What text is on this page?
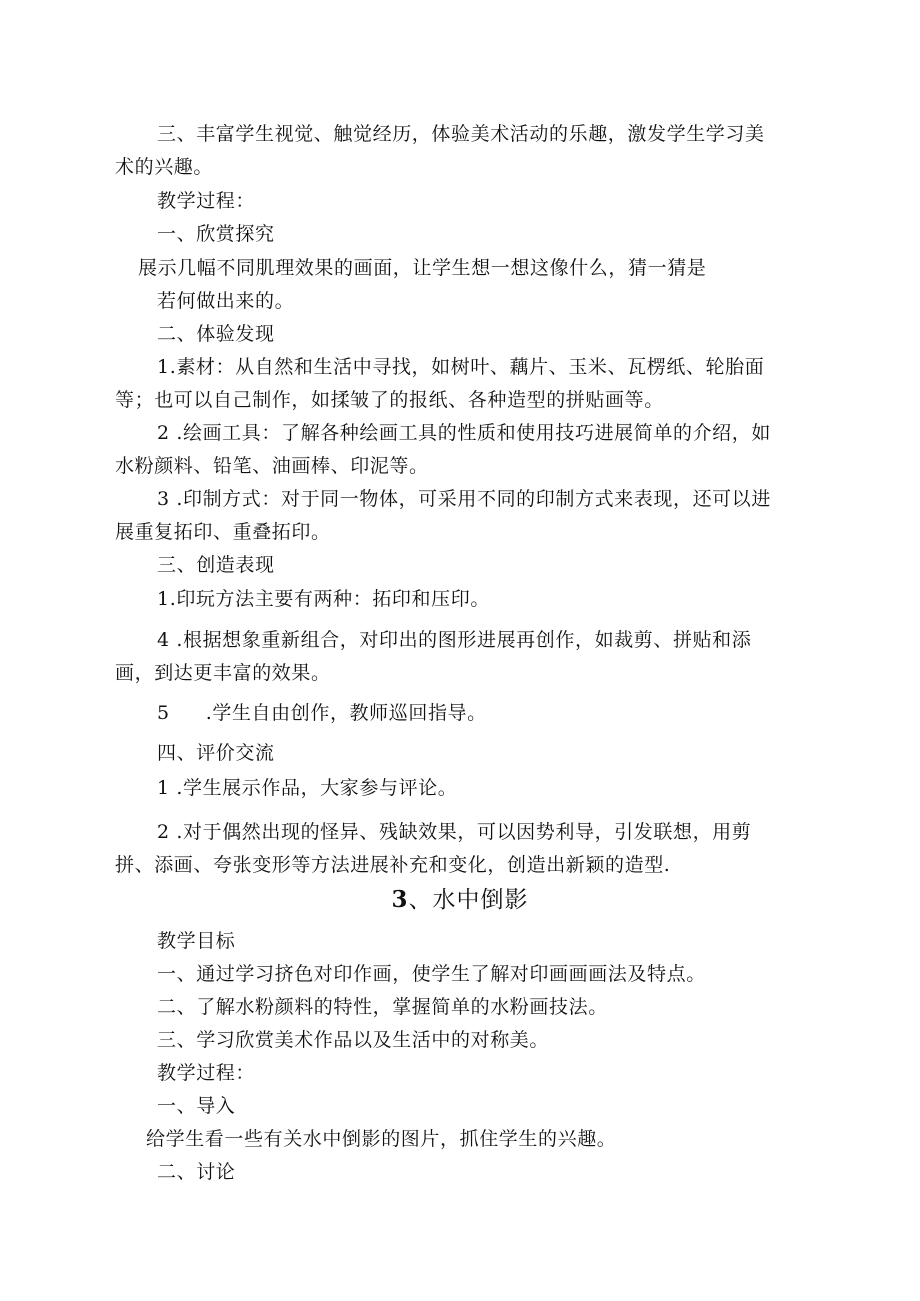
三、丰富学生视觉、触觉经历，体验美术活动的乐趣，激发学生学习美
术的兴趣。
教学过程：
一、欣赏探究
展示几幅不同肌理效果的画面，让学生想一想这像什么，猜一猜是
若何做出来的。
二、体验发现
1.素材：从自然和生活中寻找，如树叶、藕片、玉米、瓦楞纸、轮胎面
等；也可以自己制作，如揉皱了的报纸、各种造型的拼贴画等。
2 .绘画工具：了解各种绘画工具的性质和使用技巧进展简单的介绍，如
水粉颜料、铅笔、油画棒、印泥等。
3 .印制方式：对于同一物体，可采用不同的印制方式来表现，还可以进
展重复拓印、重叠拓印。
三、创造表现
1.印玩方法主要有两种：拓印和压印。
4 .根据想象重新组合，对印出的图形进展再创作，如裁剪、拼贴和添
画，到达更丰富的效果。
5 .学生自由创作，教师巡回指导。
四、评价交流
1 .学生展示作品，大家参与评论。
2 .对于偶然出现的怪异、残缺效果，可以因势利导，引发联想，用剪
拼、添画、夸张变形等方法进展补充和变化，创造出新颖的造型.
3、水中倒影
教学目标
一、通过学习挤色对印作画，使学生了解对印画画画法及特点。
二、了解水粉颜料的特性，掌握简单的水粉画技法。
三、学习欣赏美术作品以及生活中的对称美。
教学过程：
一、导入
给学生看一些有关水中倒影的图片，抓住学生的兴趣。
二、讨论
